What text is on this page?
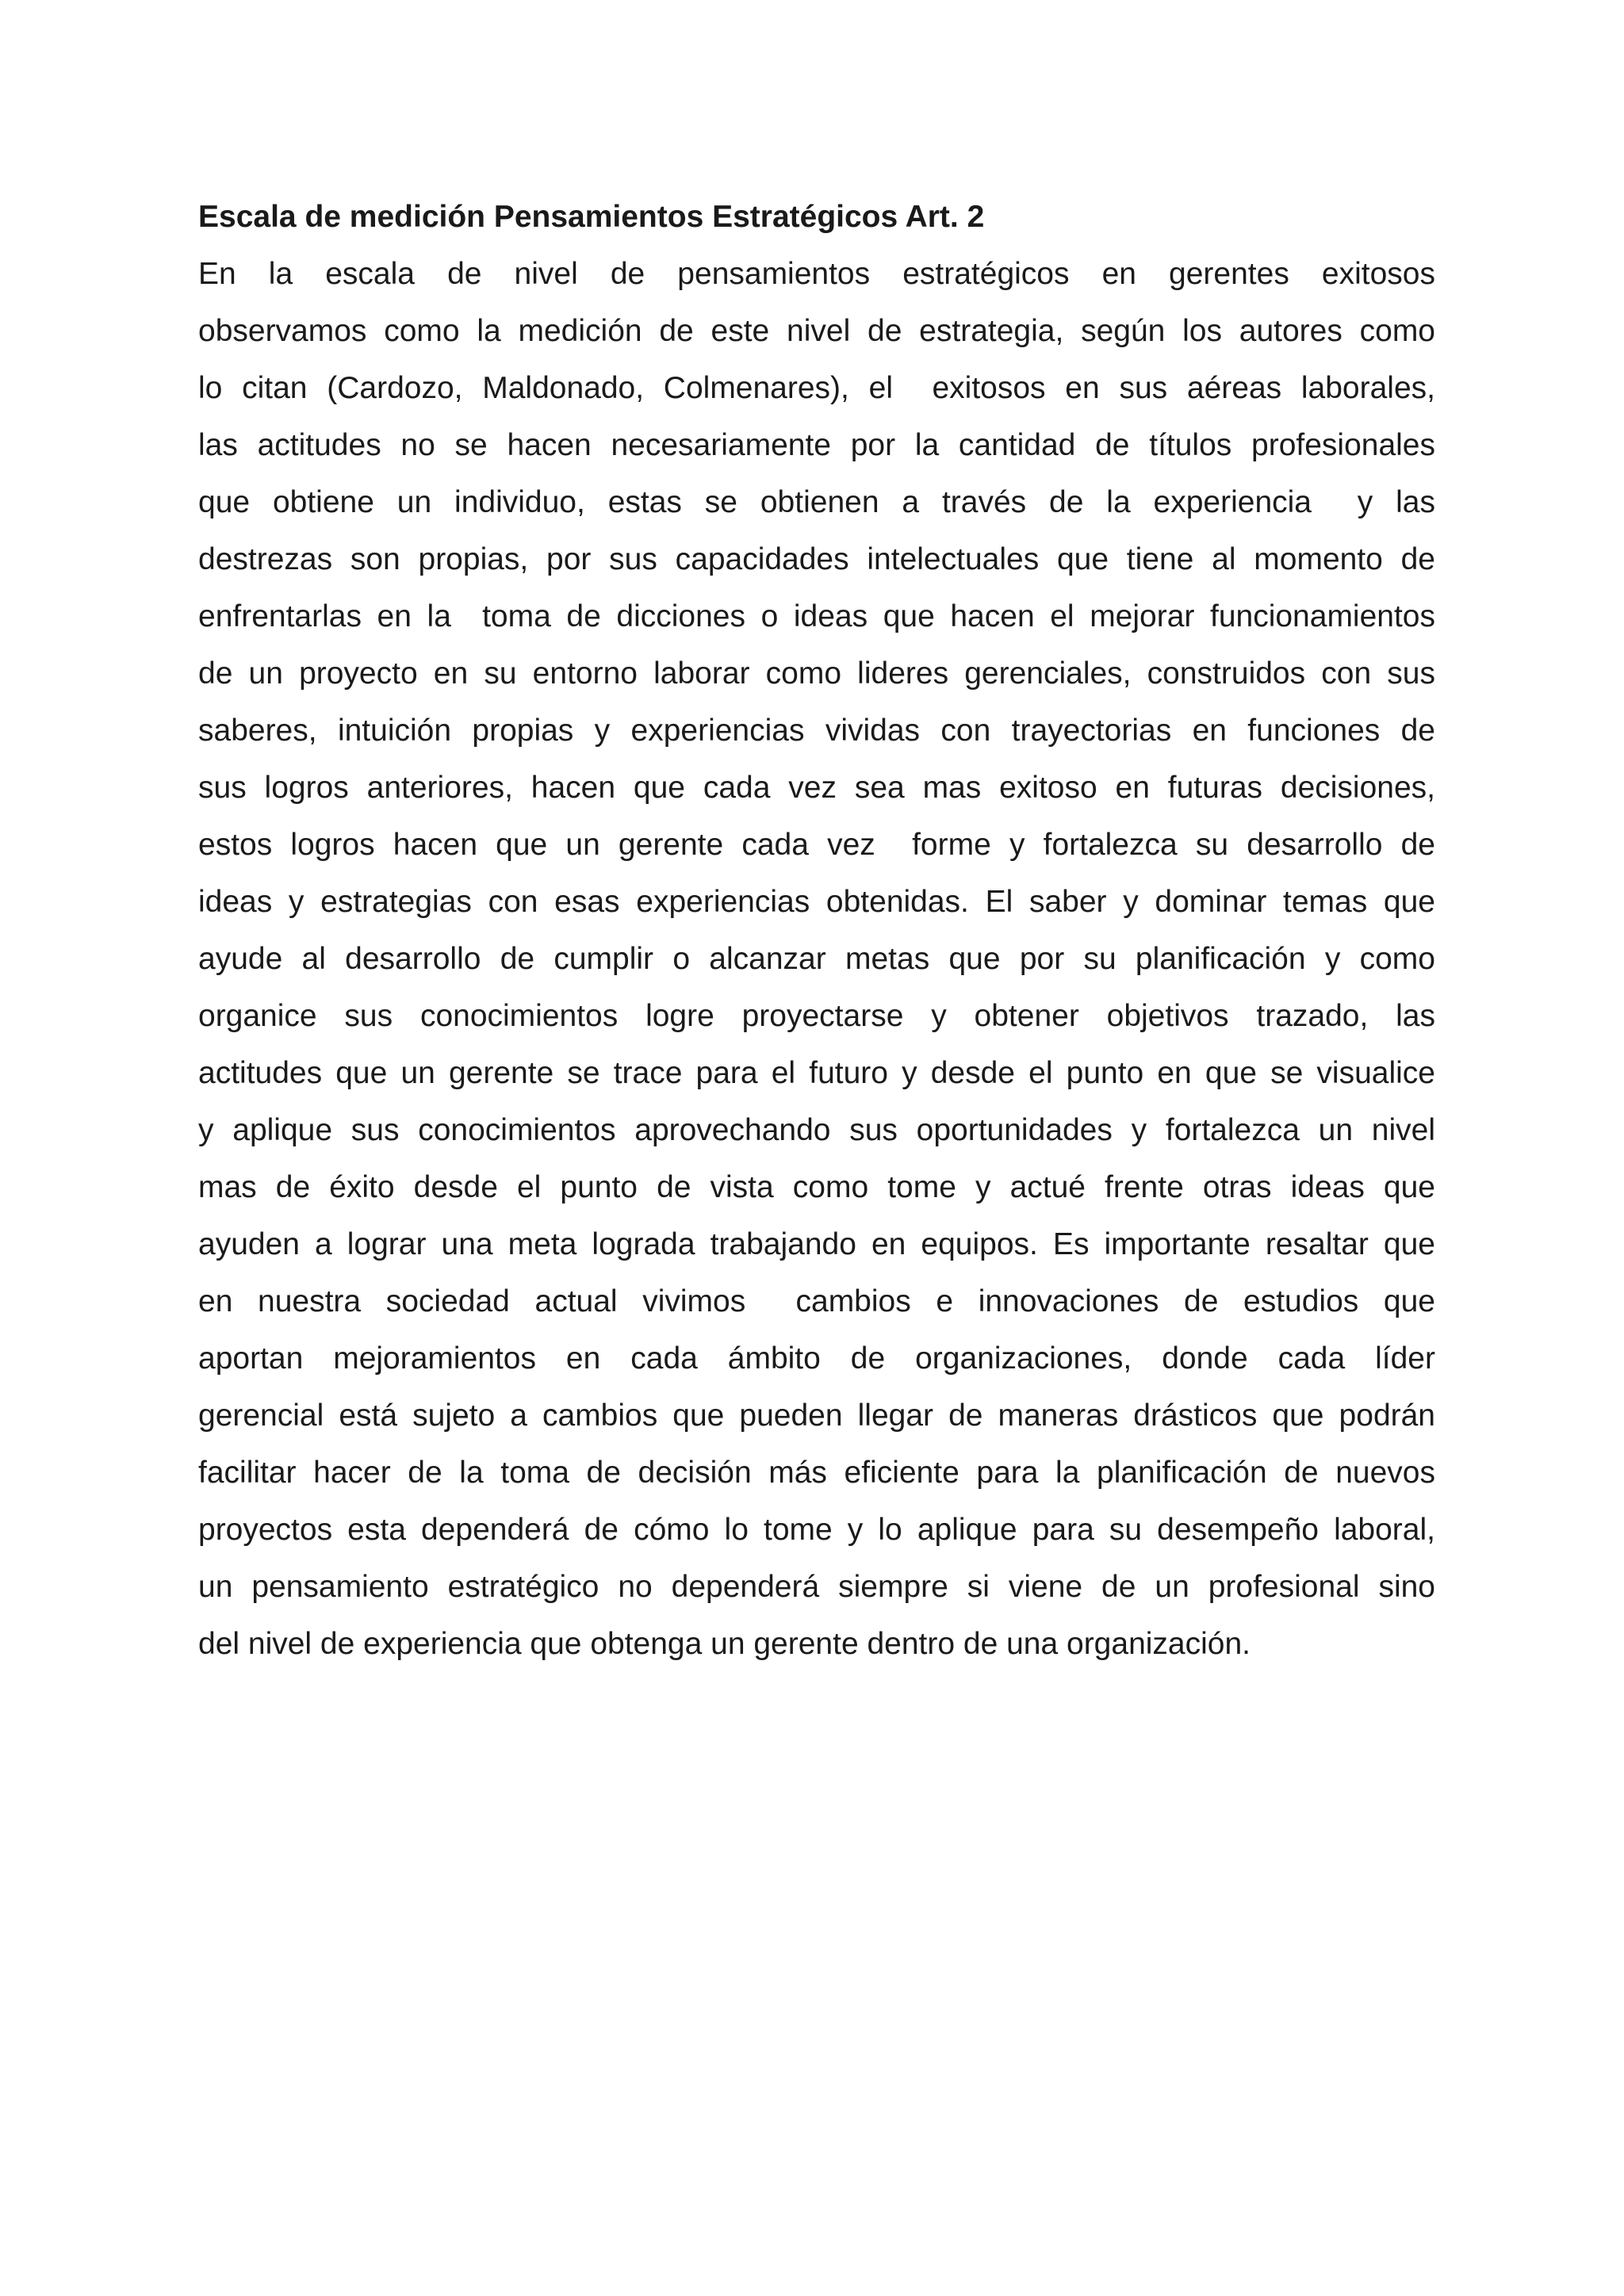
Escala de medición Pensamientos Estratégicos Art. 2

En la escala de nivel de pensamientos estratégicos en gerentes exitosos

observamos como la medición de este nivel de estrategia, según los autores como

lo citan (Cardozo, Maldonado, Colmenares), el  exitosos en sus aéreas laborales,

las actitudes no se hacen necesariamente por la cantidad de títulos profesionales

que obtiene un individuo, estas se obtienen a través de la experiencia  y las

destrezas son propias, por sus capacidades intelectuales que tiene al momento de

enfrentarlas en la  toma de dicciones o ideas que hacen el mejorar funcionamientos

de un proyecto en su entorno laborar como lideres gerenciales, construidos con sus

saberes, intuición propias y experiencias vividas con trayectorias en funciones de

sus logros anteriores, hacen que cada vez sea mas exitoso en futuras decisiones,

estos logros hacen que un gerente cada vez  forme y fortalezca su desarrollo de

ideas y estrategias con esas experiencias obtenidas. El saber y dominar temas que

ayude al desarrollo de cumplir o alcanzar metas que por su planificación y como

organice sus conocimientos logre proyectarse y obtener objetivos trazado, las

actitudes que un gerente se trace para el futuro y desde el punto en que se visualice

y aplique sus conocimientos aprovechando sus oportunidades y fortalezca un nivel

mas de éxito desde el punto de vista como tome y actué frente otras ideas que

ayuden a lograr una meta lograda trabajando en equipos. Es importante resaltar que

en nuestra sociedad actual vivimos  cambios e innovaciones de estudios que

aportan mejoramientos en cada ámbito de organizaciones, donde cada líder

gerencial está sujeto a cambios que pueden llegar de maneras drásticos que podrán

facilitar hacer de la toma de decisión más eficiente para la planificación de nuevos

proyectos esta dependerá de cómo lo tome y lo aplique para su desempeño laboral,

un pensamiento estratégico no dependerá siempre si viene de un profesional sino

del nivel de experiencia que obtenga un gerente dentro de una organización.
